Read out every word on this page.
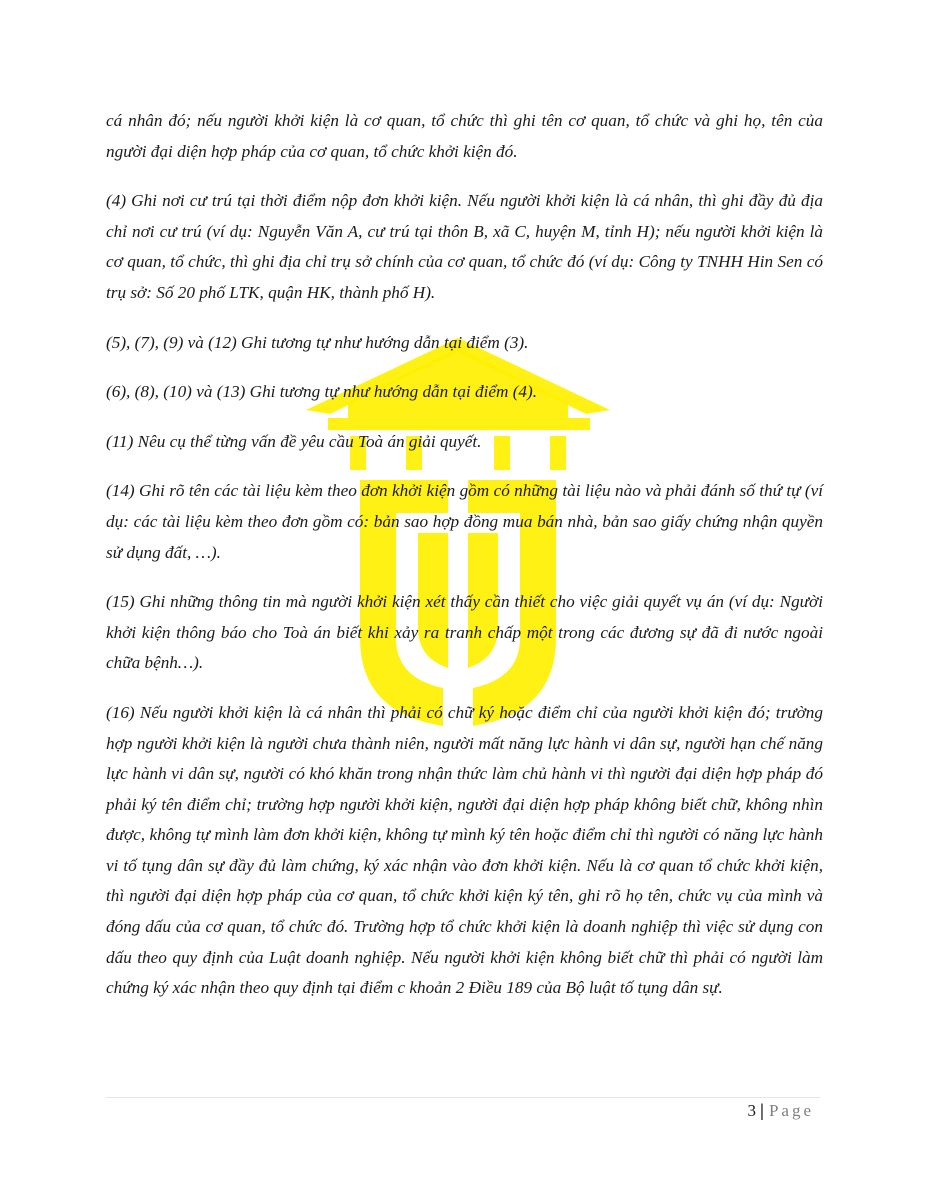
cá nhân đó; nếu người khởi kiện là cơ quan, tổ chức thì ghi tên cơ quan, tổ chức và ghi họ, tên của người đại diện hợp pháp của cơ quan, tổ chức khởi kiện đó.

(4) Ghi nơi cư trú tại thời điểm nộp đơn khởi kiện. Nếu người khởi kiện là cá nhân, thì ghi đầy đủ địa chỉ nơi cư trú (ví dụ: Nguyễn Văn A, cư trú tại thôn B, xã C, huyện M, tỉnh H); nếu người khởi kiện là cơ quan, tổ chức, thì ghi địa chỉ trụ sở chính của cơ quan, tổ chức đó (ví dụ: Công ty TNHH Hin Sen có trụ sở: Số 20 phố LTK, quận HK, thành phố H).

(5), (7), (9) và (12) Ghi tương tự như hướng dẫn tại điểm (3).

(6), (8), (10) và (13) Ghi tương tự như hướng dẫn tại điểm (4).

(11) Nêu cụ thể từng vấn đề yêu cầu Toà án giải quyết.

(14) Ghi rõ tên các tài liệu kèm theo đơn khởi kiện gồm có những tài liệu nào và phải đánh số thứ tự (ví dụ: các tài liệu kèm theo đơn gồm có: bản sao hợp đồng mua bán nhà, bản sao giấy chứng nhận quyền sử dụng đất, …).

(15) Ghi những thông tin mà người khởi kiện xét thấy cần thiết cho việc giải quyết vụ án (ví dụ: Người khởi kiện thông báo cho Toà án biết khi xảy ra tranh chấp một trong các đương sự đã đi nước ngoài chữa bệnh…).

(16) Nếu người khởi kiện là cá nhân thì phải có chữ ký hoặc điểm chỉ của người khởi kiện đó; trường hợp người khởi kiện là người chưa thành niên, người mất năng lực hành vi dân sự, người hạn chế năng lực hành vi dân sự, người có khó khăn trong nhận thức làm chủ hành vi thì người đại diện hợp pháp đó phải ký tên điểm chỉ; trường hợp người khởi kiện, người đại diện hợp pháp không biết chữ, không nhìn được, không tự mình làm đơn khởi kiện, không tự mình ký tên hoặc điểm chỉ thì người có năng lực hành vi tố tụng dân sự đầy đủ làm chứng, ký xác nhận vào đơn khởi kiện. Nếu là cơ quan tổ chức khởi kiện, thì người đại diện hợp pháp của cơ quan, tổ chức khởi kiện ký tên, ghi rõ họ tên, chức vụ của mình và đóng dấu của cơ quan, tổ chức đó. Trường hợp tổ chức khởi kiện là doanh nghiệp thì việc sử dụng con dấu theo quy định của Luật doanh nghiệp. Nếu người khởi kiện không biết chữ thì phải có người làm chứng ký xác nhận theo quy định tại điểm c khoản 2 Điều 189 của Bộ luật tố tụng dân sự.

3 | Page
